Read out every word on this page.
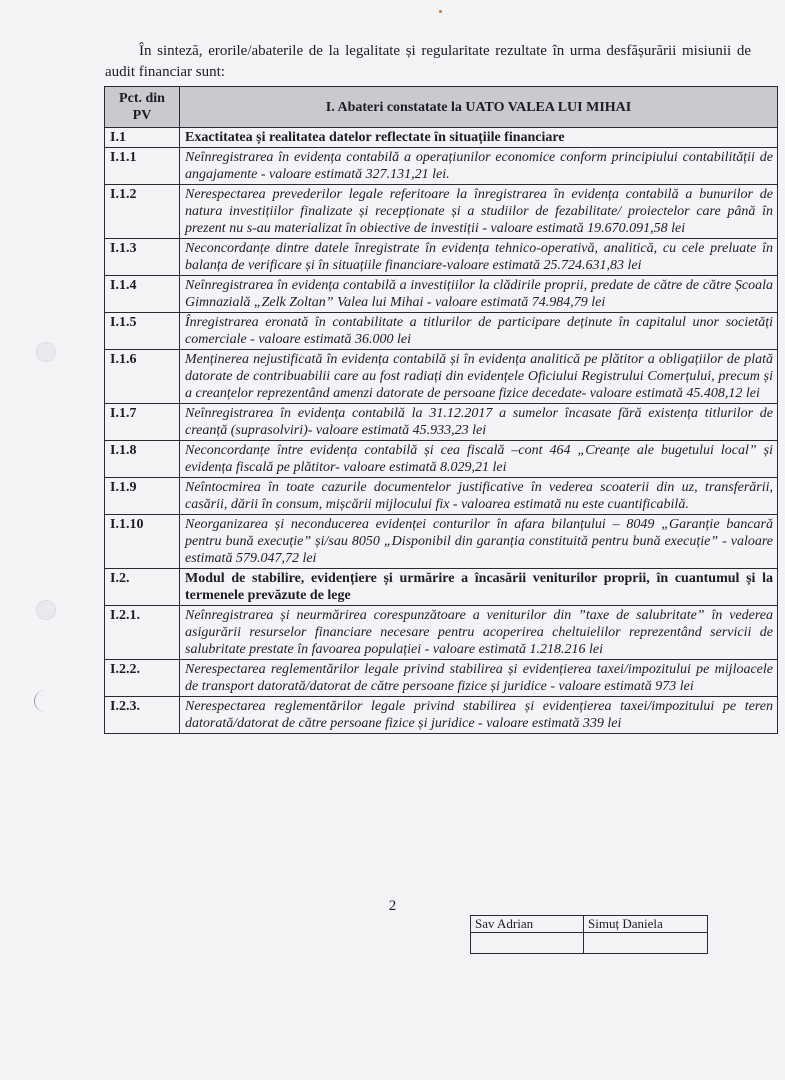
În sinteză, erorile/abaterile de la legalitate și regularitate rezultate în urma desfășurării misiunii de audit financiar sunt:

Pct. din PV	I. Abateri constatate la UATO VALEA LUI MIHAI
I.1	Exactitatea și realitatea datelor reflectate în situațiile financiare
I.1.1	Neînregistrarea în evidența contabilă a operațiunilor economice conform principiului contabilității de angajamente - valoare estimată 327.131,21 lei.
I.1.2	Nerespectarea prevederilor legale referitoare la înregistrarea în evidența contabilă a bunurilor de natura investițiilor finalizate și recepționate și a studiilor de fezabilitate/ proiectelor care până în prezent nu s-au materializat în obiective de investiții - valoare estimată 19.670.091,58 lei
I.1.3	Neconcordanțe dintre datele înregistrate în evidența tehnico-operativă, analitică, cu cele preluate în balanța de verificare și în situațiile financiare-valoare estimată 25.724.631,83 lei
I.1.4	Neînregistrarea în evidența contabilă a investițiilor la clădirile proprii, predate de către de către Școala Gimnazială „Zelk Zoltan” Valea lui Mihai - valoare estimată 74.984,79 lei
I.1.5	Înregistrarea eronată în contabilitate a titlurilor de participare deținute în capitalul unor societăți comerciale - valoare estimată 36.000 lei
I.1.6	Menținerea nejustificată în evidența contabilă și în evidența analitică pe plătitor a obligațiilor de plată datorate de contribuabilii care au fost radiați din evidențele Oficiului Registrului Comerțului, precum și a creanțelor reprezentând amenzi datorate de persoane fizice decedate- valoare estimată 45.408,12 lei
I.1.7	Neînregistrarea în evidența contabilă la 31.12.2017 a sumelor încasate fără existența titlurilor de creanță (suprasolviri)- valoare estimată 45.933,23 lei
I.1.8	Neconcordanțe între evidența contabilă și cea fiscală –cont 464 „Creanțe ale bugetului local” și evidența fiscală pe plătitor- valoare estimată 8.029,21 lei
I.1.9	Neîntocmirea în toate cazurile documentelor justificative în vederea scoaterii din uz, transferării, casării, dării în consum, mișcării mijlocului fix - valoarea estimată nu este cuantificabilă.
I.1.10	Neorganizarea și neconducerea evidenței conturilor în afara bilanțului – 8049 „Garanție bancară pentru bună execuție” și/sau 8050 „Disponibil din garanția constituită pentru bună execuție” - valoare estimată 579.047,72 lei
I.2.	Modul de stabilire, evidențiere și urmărire a încasării veniturilor proprii, în cuantumul și la termenele prevăzute de lege
I.2.1.	Neînregistrarea și neurmărirea corespunzătoare a veniturilor din ”taxe de salubritate” în vederea asigurării resurselor financiare necesare pentru acoperirea cheltuielilor reprezentând servicii de salubritate prestate în favoarea populației - valoare estimată 1.218.216 lei
I.2.2.	Nerespectarea reglementărilor legale privind stabilirea și evidențierea taxei/impozitului pe mijloacele de transport datorată/datorat de către persoane fizice și juridice - valoare estimată 973 lei
I.2.3.	Nerespectarea reglementărilor legale privind stabilirea și evidențierea taxei/impozitului pe teren datorată/datorat de către persoane fizice și juridice - valoare estimată 339 lei
2
Sav Adrian	Simuț Daniela
